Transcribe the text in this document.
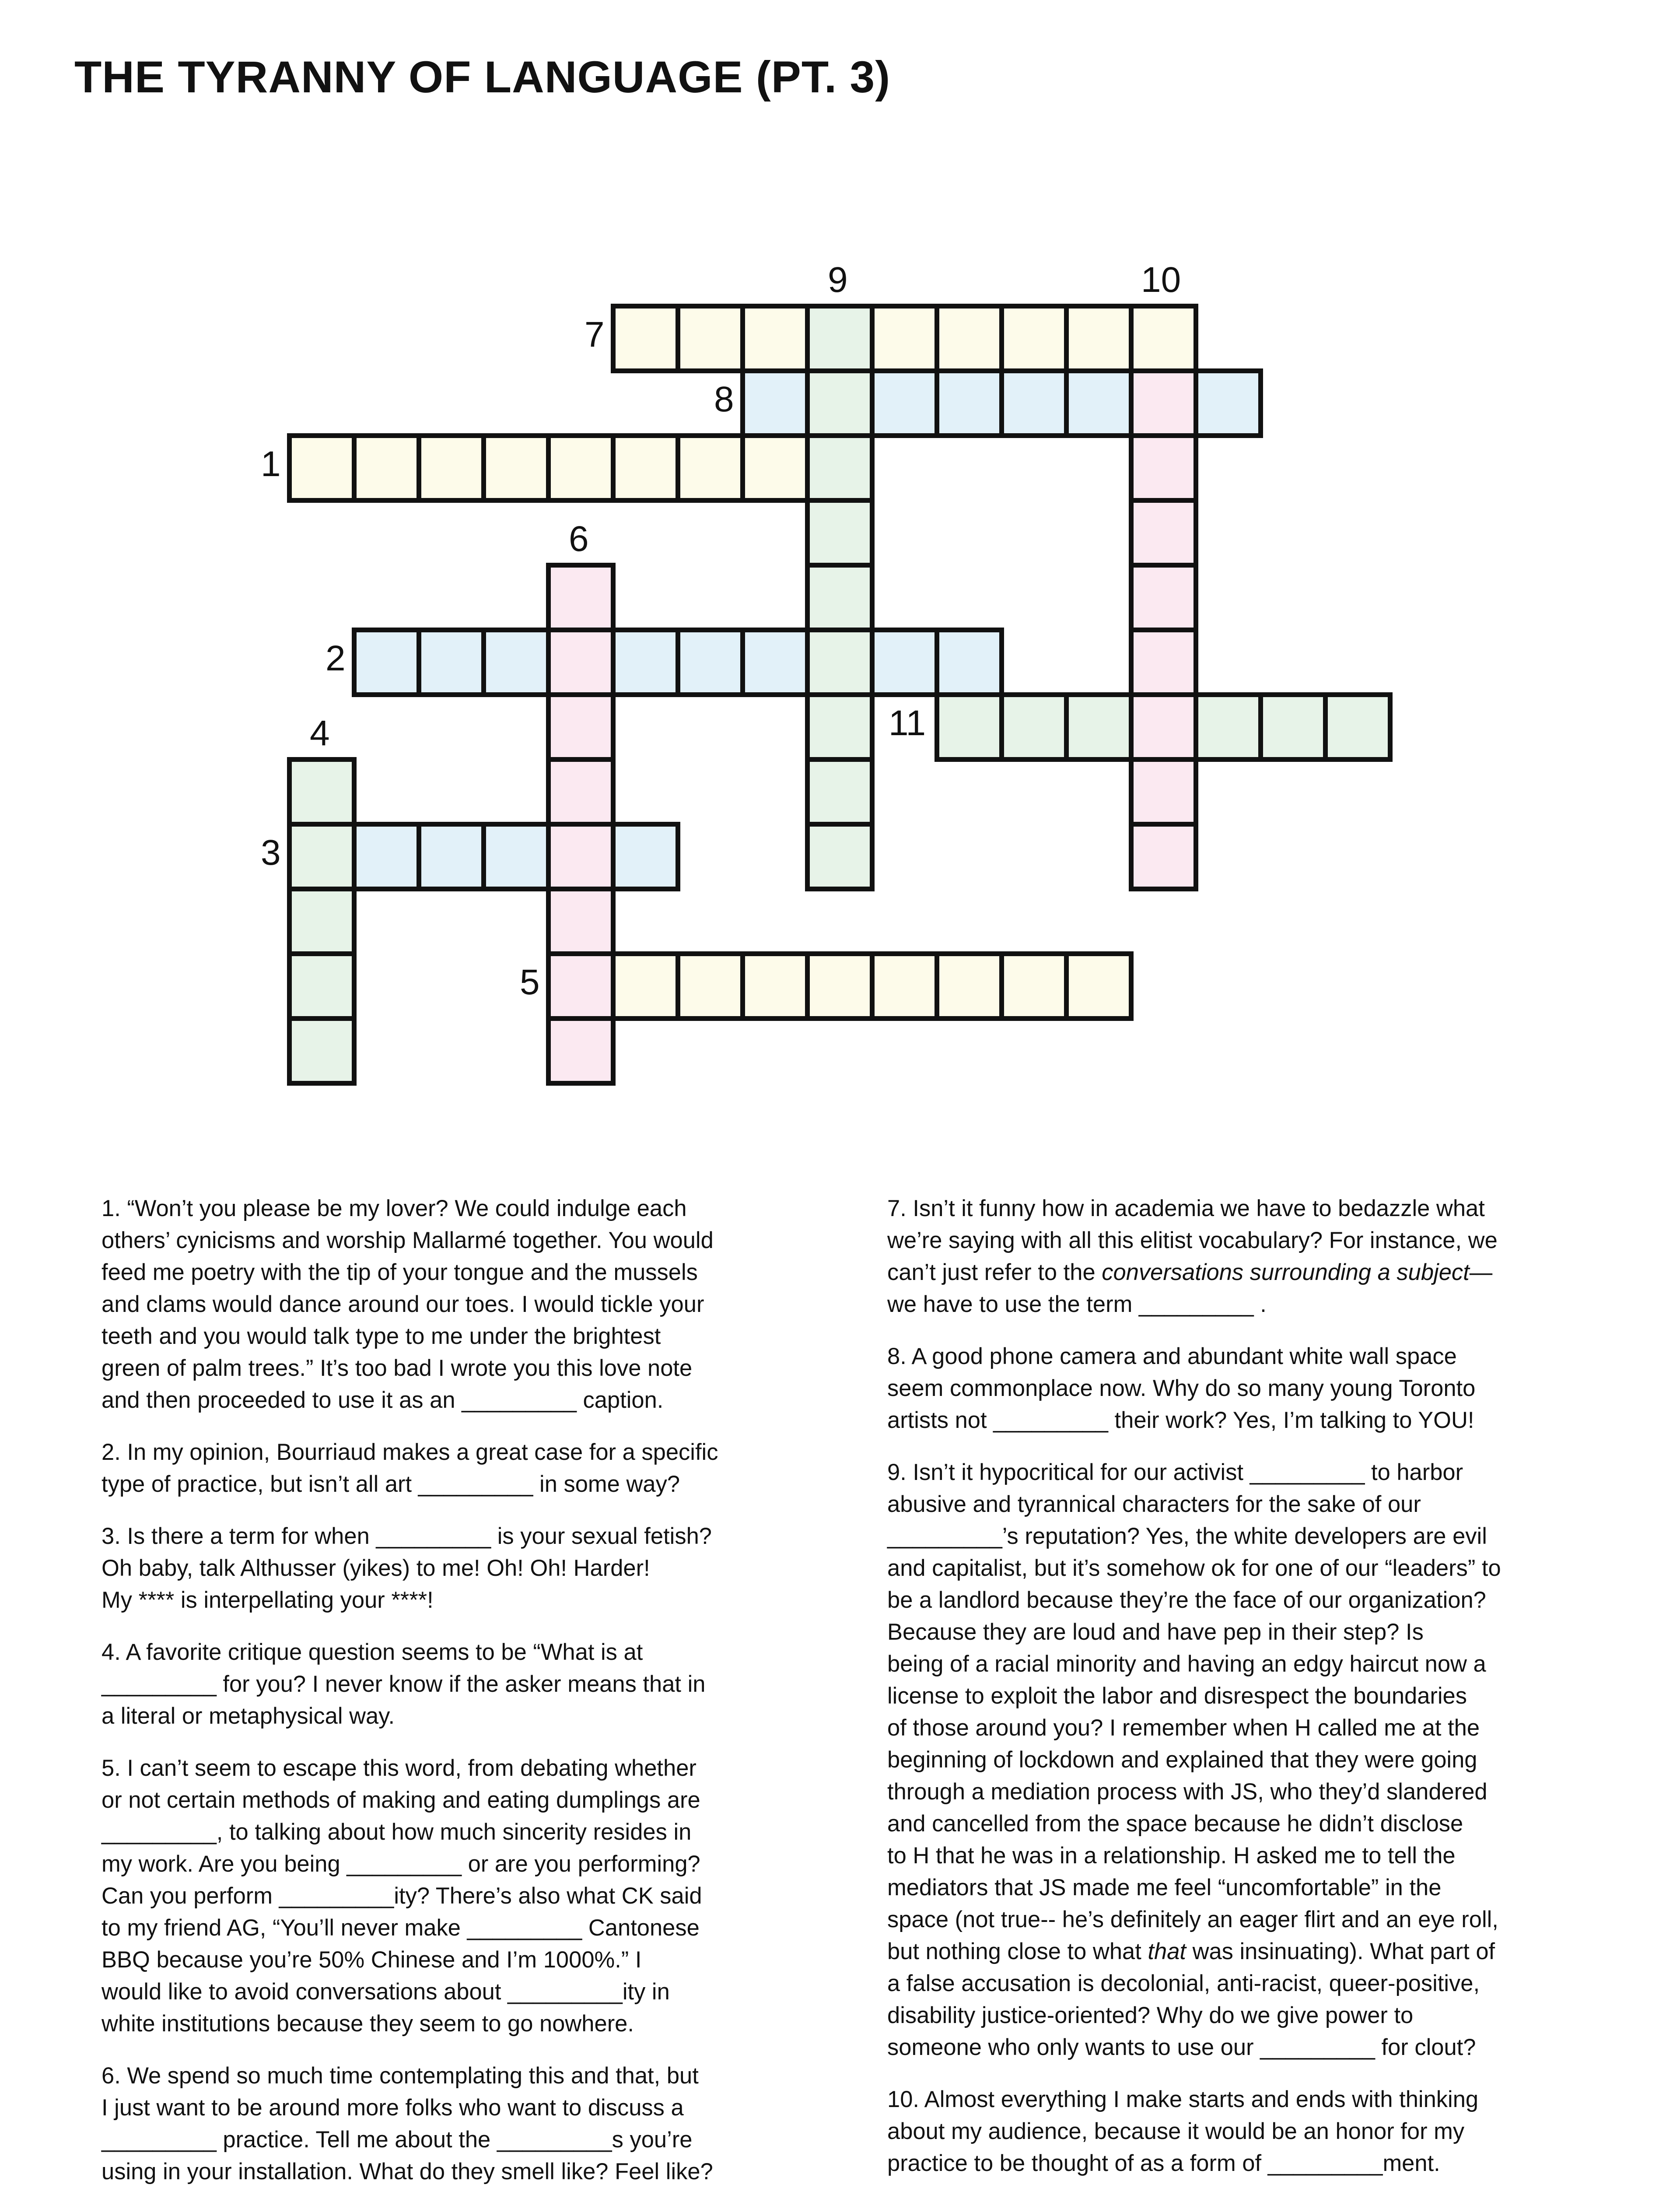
THE TYRANNY OF LANGUAGE (PT. 3)
1
2
3
4
5
6
7
8
9	10
11

1. “Won’t you please be my lover? We could indulge each
others’ cynicisms and worship Mallarmé together. You would
feed me poetry with the tip of your tongue and the mussels
and clams would dance around our toes. I would tickle your
teeth and you would talk type to me under the brightest
green of palm trees.” It’s too bad I wrote you this love note
and then proceeded to use it as an _________ caption.

2. In my opinion, Bourriaud makes a great case for a specific
type of practice, but isn’t all art _________ in some way?

3. Is there a term for when _________ is your sexual fetish?
Oh baby, talk Althusser (yikes) to me! Oh! Oh! Harder!
My **** is interpellating your ****!

4. A favorite critique question seems to be “What is at
_________ for you? I never know if the asker means that in
a literal or metaphysical way.

5. I can’t seem to escape this word, from debating whether
or not certain methods of making and eating dumplings are
_________, to talking about how much sincerity resides in
my work. Are you being _________ or are you performing?
Can you perform _________ity? There’s also what CK said
to my friend AG, “You’ll never make _________ Cantonese
BBQ because you’re 50% Chinese and I’m 1000%.” I
would like to avoid conversations about _________ity in
white institutions because they seem to go nowhere.

6. We spend so much time contemplating this and that, but
I just want to be around more folks who want to discuss a
_________ practice. Tell me about the _________s you’re
using in your installation. What do they smell like? Feel like?

7. Isn’t it funny how in academia we have to bedazzle what
we’re saying with all this elitist vocabulary? For instance, we
can’t just refer to the conversations surrounding a subject—
we have to use the term _________ .

8. A good phone camera and abundant white wall space
seem commonplace now. Why do so many young Toronto
artists not _________ their work? Yes, I’m talking to YOU!

9. Isn’t it hypocritical for our activist _________ to harbor
abusive and tyrannical characters for the sake of our
_________’s reputation? Yes, the white developers are evil
and capitalist, but it’s somehow ok for one of our “leaders” to
be a landlord because they’re the face of our organization?
Because they are loud and have pep in their step? Is
being of a racial minority and having an edgy haircut now a
license to exploit the labor and disrespect the boundaries
of those around you? I remember when H called me at the
beginning of lockdown and explained that they were going
through a mediation process with JS, who they’d slandered
and cancelled from the space because he didn’t disclose
to H that he was in a relationship. H asked me to tell the
mediators that JS made me feel “uncomfortable” in the
space (not true-- he’s definitely an eager flirt and an eye roll,
but nothing close to what that was insinuating). What part of
a false accusation is decolonial, anti-racist, queer-positive,
disability justice-oriented? Why do we give power to
someone who only wants to use our _________ for clout?

10. Almost everything I make starts and ends with thinking
about my audience, because it would be an honor for my
practice to be thought of as a form of _________ment.
